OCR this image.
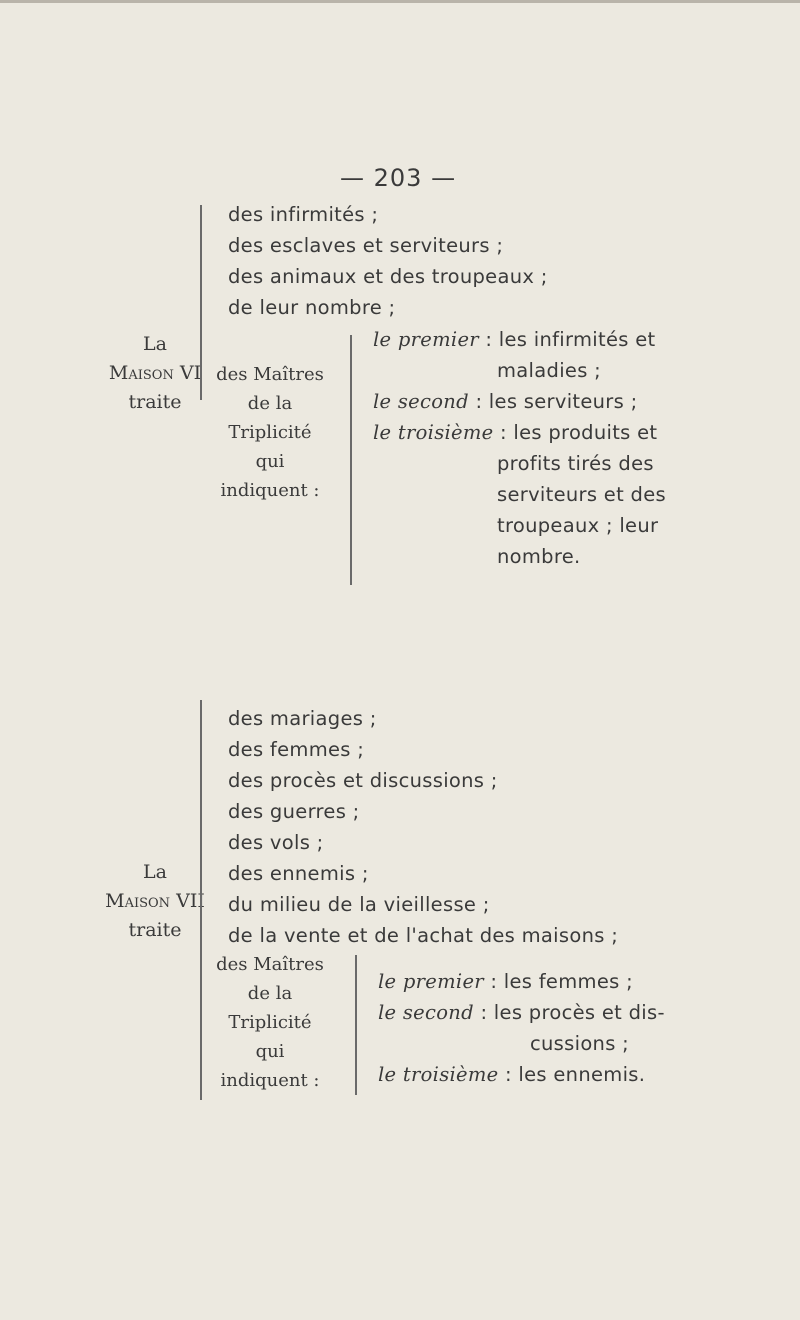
— 203 —
La
Maison VI
traite
des infirmités ;
des esclaves et serviteurs ;
des animaux et des troupeaux ;
de leur nombre ;
des Maîtres
de la
Triplicité
qui
indiquent :
le premier : les infirmités et
maladies ;
le second : les serviteurs ;
le troisième : les produits et
profits tirés des
serviteurs et des
troupeaux ; leur
nombre.
La
Maison VII
traite
des mariages ;
des femmes ;
des procès et discussions ;
des guerres ;
des vols ;
des ennemis ;
du milieu de la vieillesse ;
de la vente et de l'achat des maisons ;
des Maîtres
de la
Triplicité
qui
indiquent :
le premier : les femmes ;
le second : les procès et dis-
cussions ;
le troisième : les ennemis.
